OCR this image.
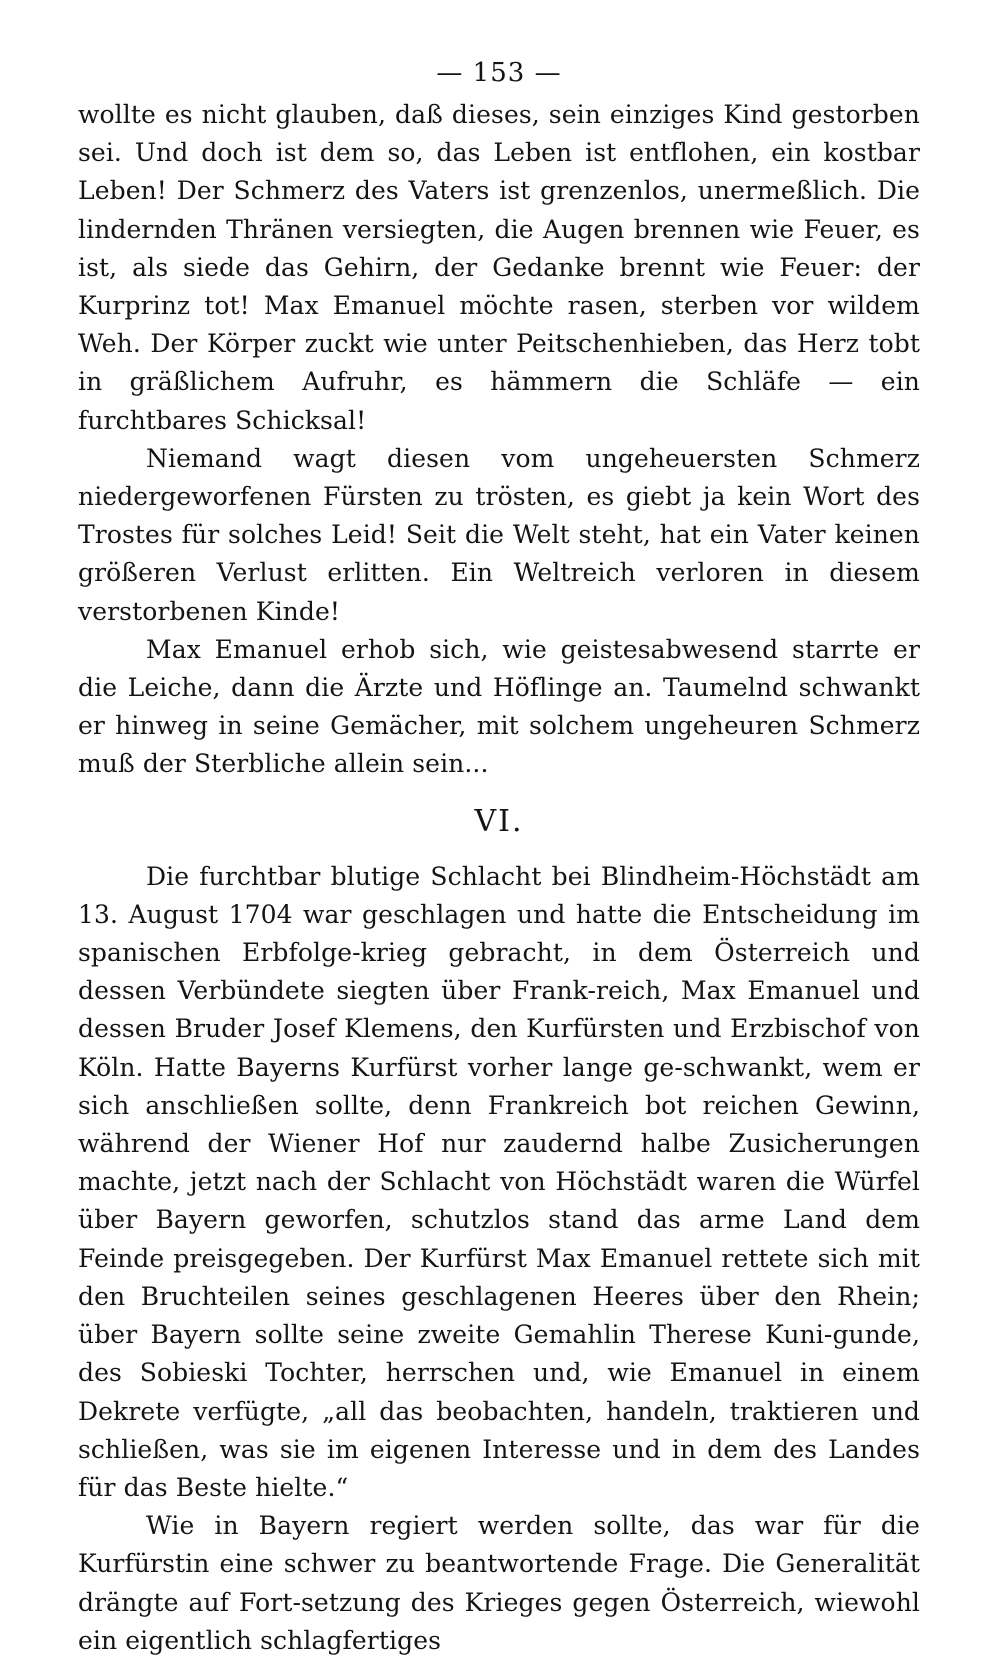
— 153 —

wollte es nicht glauben, daß dieses, sein einziges Kind gestorben sei. Und doch ist dem so, das Leben ist entflohen, ein kostbar Leben! Der Schmerz des Vaters ist grenzenlos, unermeßlich. Die lindernden Thränen versiegten, die Augen brennen wie Feuer, es ist, als siede das Gehirn, der Gedanke brennt wie Feuer: der Kurprinz tot! Max Emanuel möchte rasen, sterben vor wildem Weh. Der Körper zuckt wie unter Peitschenhieben, das Herz tobt in gräßlichem Aufruhr, es hämmern die Schläfe — ein furchtbares Schicksal!

Niemand wagt diesen vom ungeheuersten Schmerz niedergeworfenen Fürsten zu trösten, es giebt ja kein Wort des Trostes für solches Leid! Seit die Welt steht, hat ein Vater keinen größeren Verlust erlitten. Ein Weltreich verloren in diesem verstorbenen Kinde!

Max Emanuel erhob sich, wie geistesabwesend starrte er die Leiche, dann die Ärzte und Höflinge an. Taumelnd schwankt er hinweg in seine Gemächer, mit solchem ungeheuren Schmerz muß der Sterbliche allein sein...

VI.

Die furchtbar blutige Schlacht bei Blindheim-Höchstädt am 13. August 1704 war geschlagen und hatte die Entscheidung im spanischen Erbfolge-krieg gebracht, in dem Österreich und dessen Verbündete siegten über Frank-reich, Max Emanuel und dessen Bruder Josef Klemens, den Kurfürsten und Erzbischof von Köln. Hatte Bayerns Kurfürst vorher lange ge-schwankt, wem er sich anschließen sollte, denn Frankreich bot reichen Gewinn, während der Wiener Hof nur zaudernd halbe Zusicherungen machte, jetzt nach der Schlacht von Höchstädt waren die Würfel über Bayern geworfen, schutzlos stand das arme Land dem Feinde preisgegeben. Der Kurfürst Max Emanuel rettete sich mit den Bruchteilen seines geschlagenen Heeres über den Rhein; über Bayern sollte seine zweite Gemahlin Therese Kuni-gunde, des Sobieski Tochter, herrschen und, wie Emanuel in einem Dekrete verfügte, „all das beobachten, handeln, traktieren und schließen, was sie im eigenen Interesse und in dem des Landes für das Beste hielte.“

Wie in Bayern regiert werden sollte, das war für die Kurfürstin eine schwer zu beantwortende Frage. Die Generalität drängte auf Fort-setzung des Krieges gegen Österreich, wiewohl ein eigentlich schlagfertiges
